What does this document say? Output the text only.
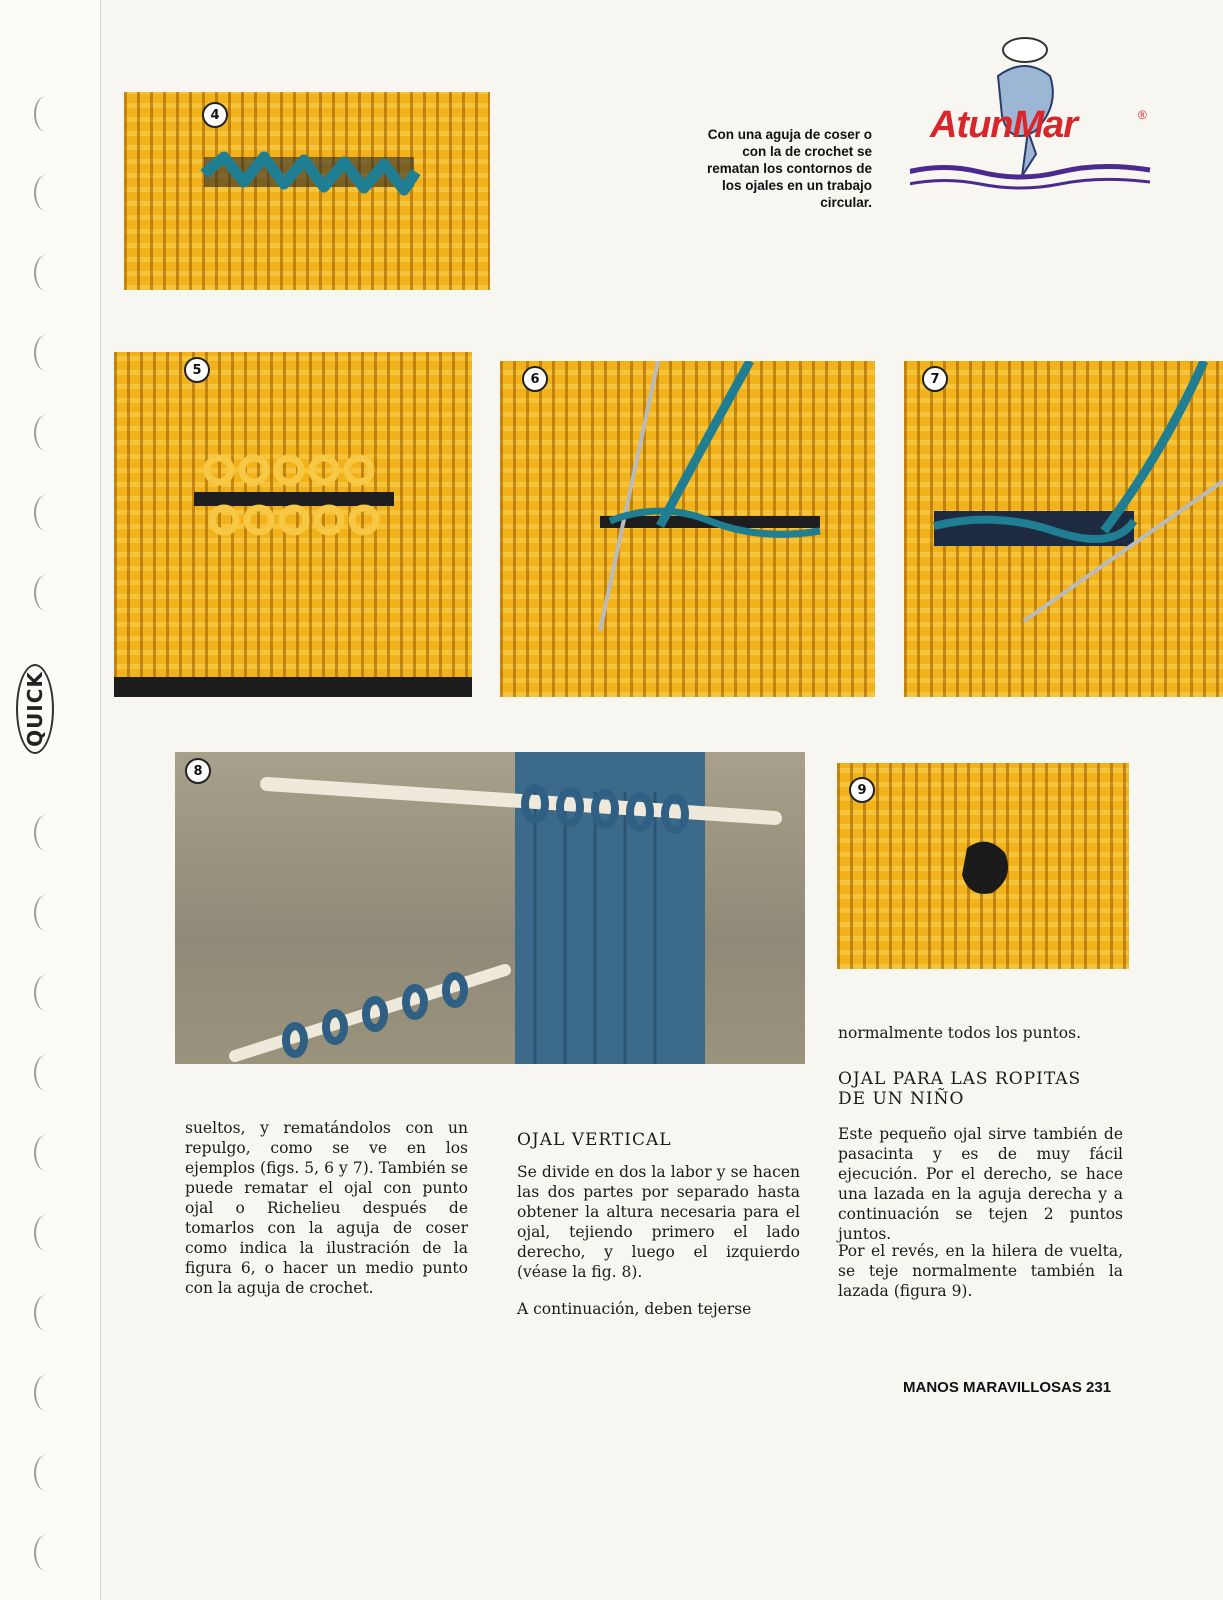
QUICK
4
Con una aguja de coser o con la de crochet se rematan los contornos de los ojales en un trabajo circular.
AtunMar	®
5
6	7
8
9
sueltos, y rematándolos con un repulgo, como se ve en los ejemplos (figs. 5, 6 y 7). También se puede rematar el ojal con punto ojal o Richelieu después de tomarlos con la aguja de coser como indica la ilustración de la figura 6, o hacer un medio punto con la aguja de crochet.
OJAL VERTICAL
Se divide en dos la labor y se hacen las dos partes por separado hasta obtener la altura necesaria para el ojal, tejiendo primero el lado derecho, y luego el izquierdo (véase la fig. 8).
A continuación, deben tejerse
normalmente todos los puntos.
OJAL PARA LAS ROPITAS DE UN NIÑO
Este pequeño ojal sirve también de pasacinta y es de muy fácil ejecución. Por el derecho, se hace una lazada en la aguja derecha y a continuación se tejen 2 puntos juntos.
Por el revés, en la hilera de vuelta, se teje normalmente también la lazada (figura 9).
MANOS MARAVILLOSAS 231
